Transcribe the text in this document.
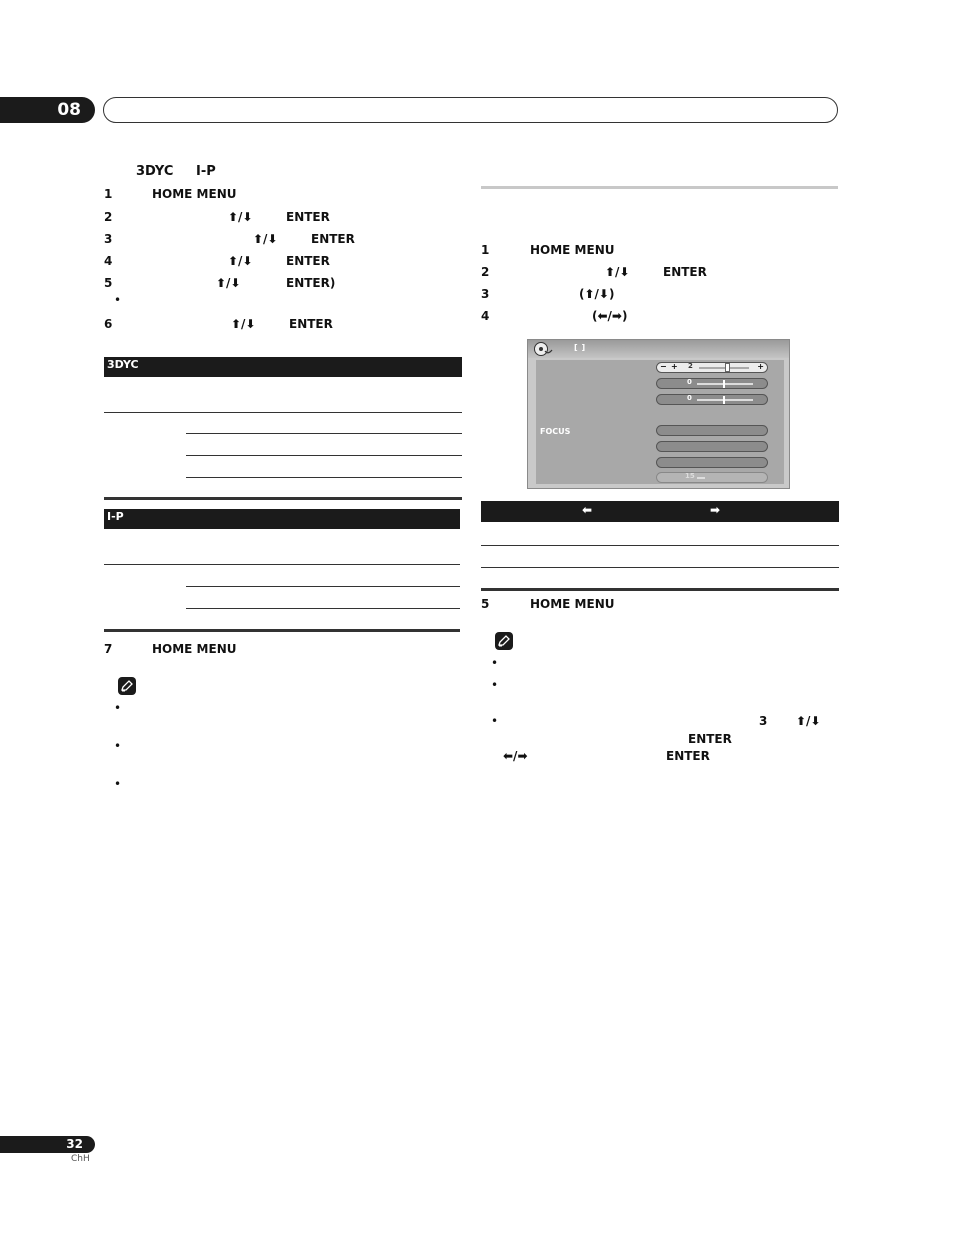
08
3DYC I-P
1	HOME MENU
2	⬆/⬇	ENTER
3	⬆/⬇	ENTER
4	⬆/⬇	ENTER
5	⬆/⬇	ENTER)
•
6	⬆/⬇	ENTER
3DYC
I-P
7	HOME MENU
•
•
•
1	HOME MENU
2	⬆/⬇	ENTER
3	(⬆/⬇)
4	(⬅/➡)
[ ]
FOCUS
− + 2	+
0
0
15
⬅	➡
5	HOME MENU
•
•
•	3 ⬆/⬇
ENTER
⬅/➡	ENTER
32
ChH
